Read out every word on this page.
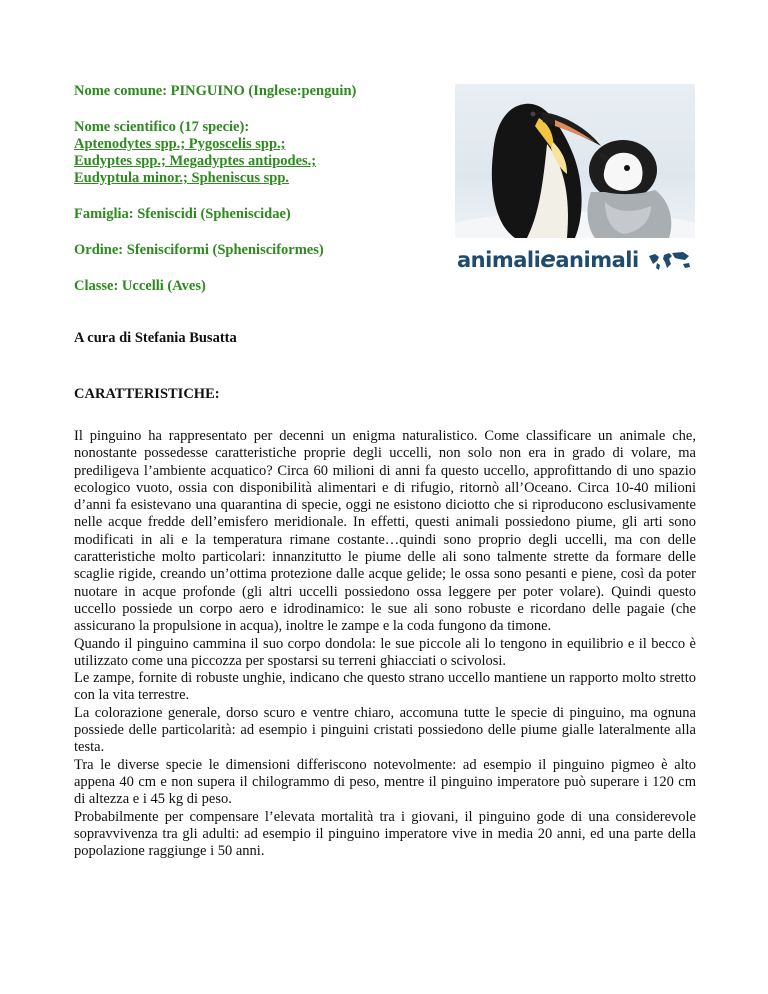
Nome comune: PINGUINO (Inglese:penguin)

Nome scientifico (17 specie):
Aptenodytes spp.; Pygoscelis spp.;
Eudyptes spp.; Megadyptes antipodes.;
Eudyptula minor.; Spheniscus spp.

Famiglia: Sfeniscidi (Spheniscidae)

Ordine: Sfenisciformi (Sphenisciformes)

Classe: Uccelli (Aves)

animalieanimali
A cura di Stefania Busatta
CARATTERISTICHE:

Il pinguino ha rappresentato per decenni un enigma naturalistico. Come classificare un animale che, nonostante possedesse caratteristiche proprie degli uccelli, non solo non era in grado di volare, ma prediligeva l’ambiente acquatico? Circa 60 milioni di anni fa questo uccello, approfittando di uno spazio ecologico vuoto, ossia con disponibilità alimentari e di rifugio, ritornò all’Oceano. Circa 10-40 milioni d’anni fa esistevano una quarantina di specie, oggi ne esistono diciotto che si riproducono esclusivamente nelle acque fredde dell’emisfero meridionale. In effetti, questi animali possiedono piume, gli arti sono modificati in ali e la temperatura rimane costante…quindi sono proprio degli uccelli, ma con delle caratteristiche molto particolari: innanzitutto le piume delle ali sono talmente strette da formare delle scaglie rigide, creando un’ottima protezione dalle acque gelide; le ossa sono pesanti e piene, così da poter nuotare in acque profonde (gli altri uccelli possiedono ossa leggere per poter volare). Quindi questo uccello possiede un corpo aero e idrodinamico: le sue ali sono robuste e ricordano delle pagaie (che assicurano la propulsione in acqua), inoltre le zampe e la coda fungono da timone.

Quando il pinguino cammina il suo corpo dondola: le sue piccole ali lo tengono in equilibrio e il becco è utilizzato come una piccozza per spostarsi su terreni ghiacciati o scivolosi.

Le zampe, fornite di robuste unghie, indicano che questo strano uccello mantiene un rapporto molto stretto con la vita terrestre.

La colorazione generale, dorso scuro e ventre chiaro, accomuna tutte le specie di pinguino, ma ognuna possiede delle particolarità: ad esempio i pinguini cristati possiedono delle piume gialle lateralmente alla testa.

Tra le diverse specie le dimensioni differiscono notevolmente: ad esempio il pinguino pigmeo è alto appena 40 cm e non supera il chilogrammo di peso, mentre il pinguino imperatore può superare i 120 cm di altezza e i 45 kg di peso.

Probabilmente per compensare l’elevata mortalità tra i giovani, il pinguino gode di una considerevole sopravvivenza tra gli adulti: ad esempio il pinguino imperatore vive in media 20 anni, ed una parte della popolazione raggiunge i 50 anni.
